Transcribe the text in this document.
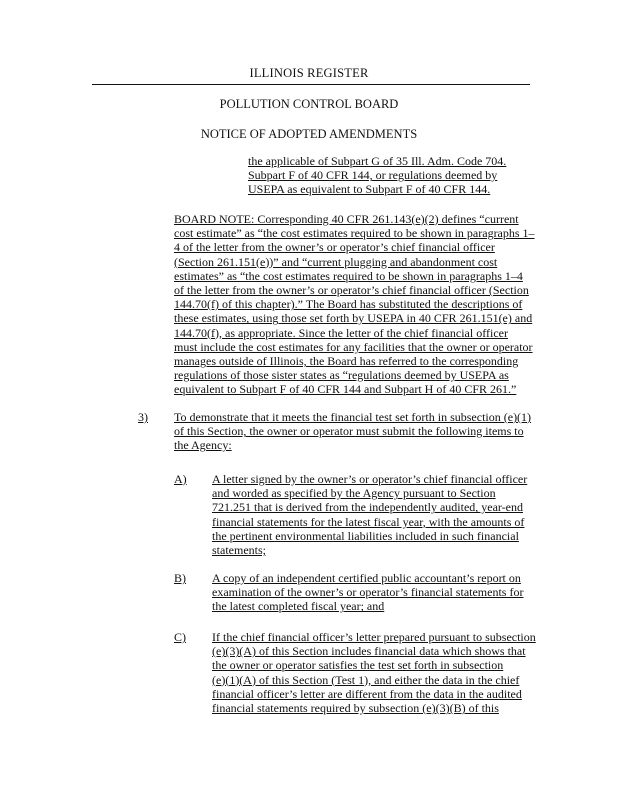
ILLINOIS REGISTER
POLLUTION CONTROL BOARD
NOTICE OF ADOPTED AMENDMENTS
the applicable of Subpart G of 35 Ill. Adm. Code 704.
Subpart F of 40 CFR 144, or regulations deemed by
USEPA as equivalent to Subpart F of 40 CFR 144.
BOARD NOTE: Corresponding 40 CFR 261.143(e)(2) defines “current
cost estimate” as “the cost estimates required to be shown in paragraphs 1–
4 of the letter from the owner’s or operator’s chief financial officer
(Section 261.151(e))” and “current plugging and abandonment cost
estimates” as “the cost estimates required to be shown in paragraphs 1–4
of the letter from the owner’s or operator’s chief financial officer (Section
144.70(f) of this chapter).” The Board has substituted the descriptions of
these estimates, using those set forth by USEPA in 40 CFR 261.151(e) and
144.70(f), as appropriate. Since the letter of the chief financial officer
must include the cost estimates for any facilities that the owner or operator
manages outside of Illinois, the Board has referred to the corresponding
regulations of those sister states as “regulations deemed by USEPA as
equivalent to Subpart F of 40 CFR 144 and Subpart H of 40 CFR 261.”
3) To demonstrate that it meets the financial test set forth in subsection (e)(1)
of this Section, the owner or operator must submit the following items to
the Agency:
A) A letter signed by the owner’s or operator’s chief financial officer
and worded as specified by the Agency pursuant to Section
721.251 that is derived from the independently audited, year-end
financial statements for the latest fiscal year, with the amounts of
the pertinent environmental liabilities included in such financial
statements;
B) A copy of an independent certified public accountant’s report on
examination of the owner’s or operator’s financial statements for
the latest completed fiscal year; and
C) If the chief financial officer’s letter prepared pursuant to subsection
(e)(3)(A) of this Section includes financial data which shows that
the owner or operator satisfies the test set forth in subsection
(e)(1)(A) of this Section (Test 1), and either the data in the chief
financial officer’s letter are different from the data in the audited
financial statements required by subsection (e)(3)(B) of this
